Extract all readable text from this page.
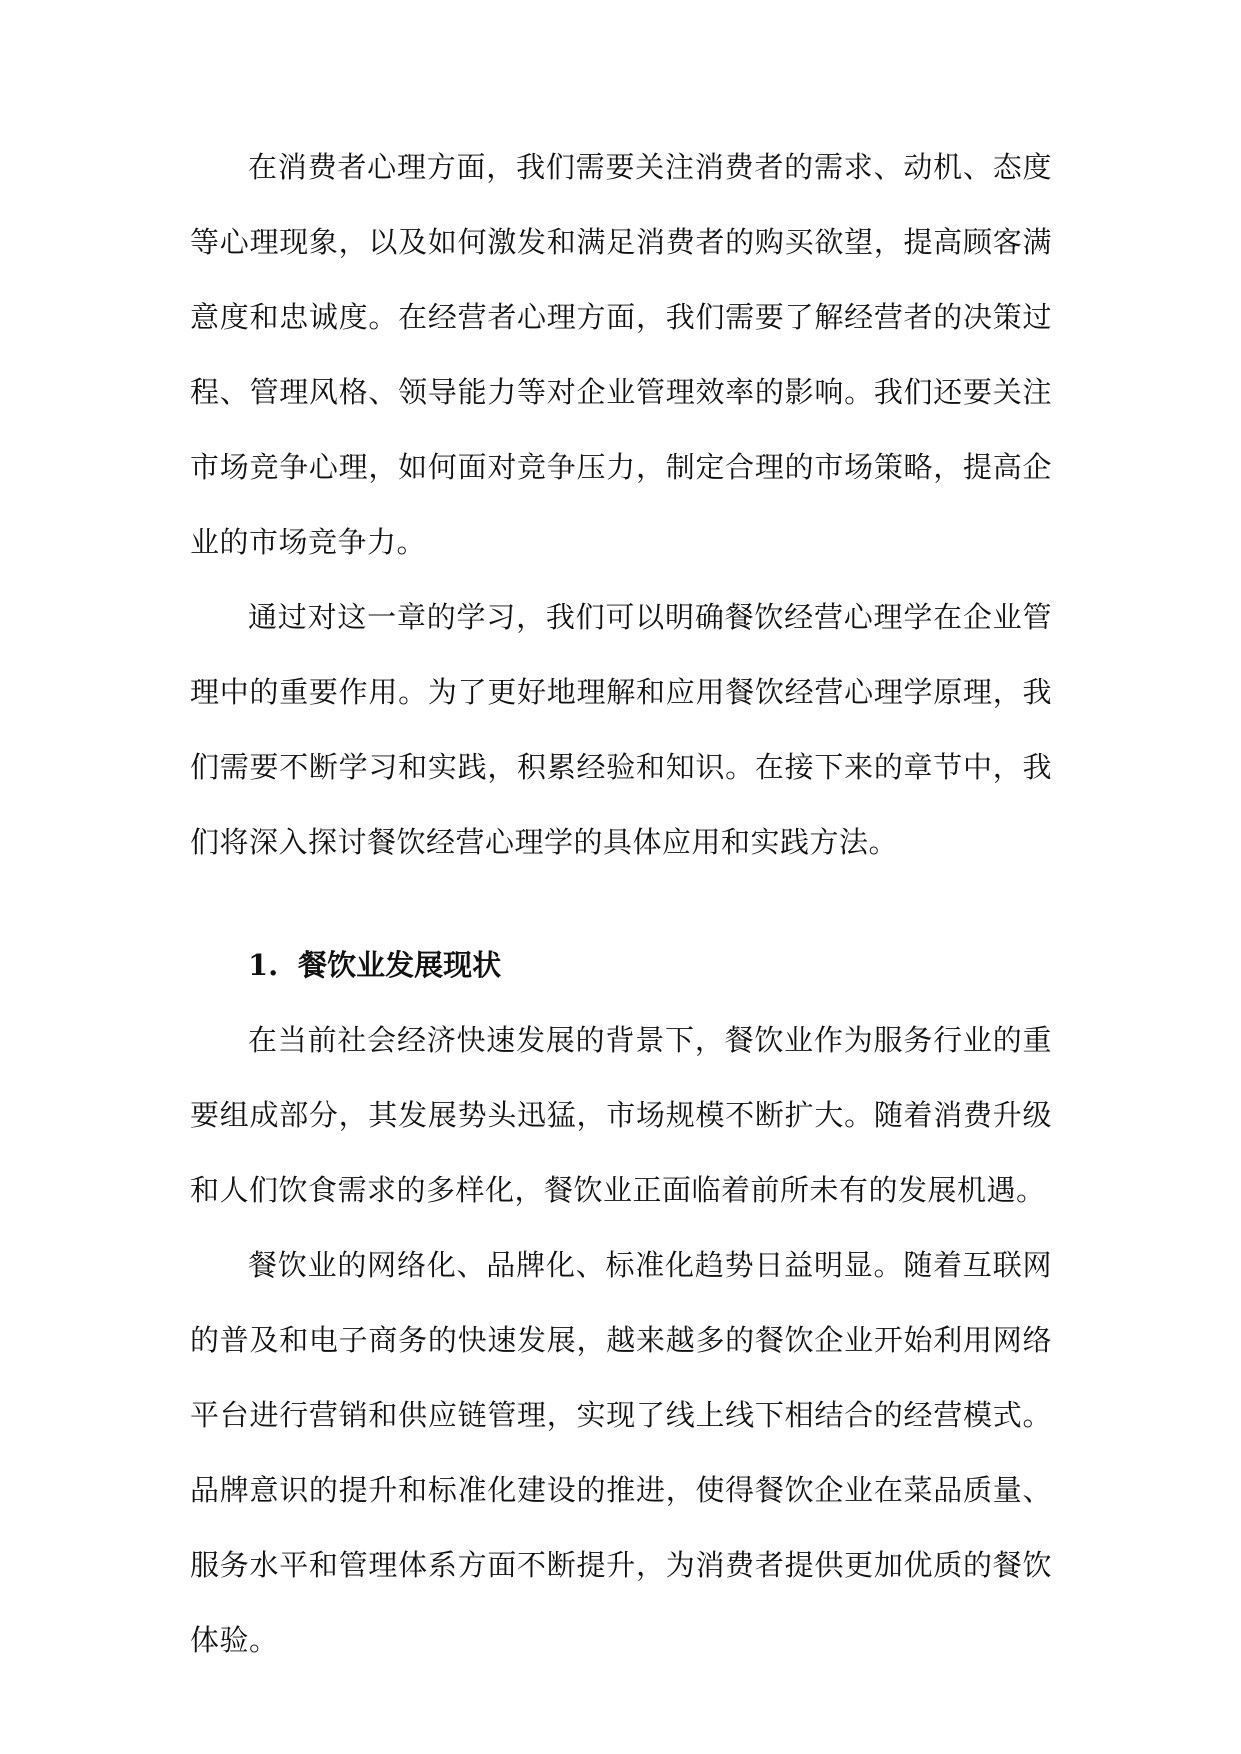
在消费者心理方面，我们需要关注消费者的需求、动机、态度等心理现象，以及如何激发和满足消费者的购买欲望，提高顾客满意度和忠诚度。在经营者心理方面，我们需要了解经营者的决策过程、管理风格、领导能力等对企业管理效率的影响。我们还要关注市场竞争心理，如何面对竞争压力，制定合理的市场策略，提高企业的市场竞争力。

通过对这一章的学习，我们可以明确餐饮经营心理学在企业管理中的重要作用。为了更好地理解和应用餐饮经营心理学原理，我们需要不断学习和实践，积累经验和知识。在接下来的章节中，我们将深入探讨餐饮经营心理学的具体应用和实践方法。

1. 餐饮业发展现状

在当前社会经济快速发展的背景下，餐饮业作为服务行业的重要组成部分，其发展势头迅猛，市场规模不断扩大。随着消费升级和人们饮食需求的多样化，餐饮业正面临着前所未有的发展机遇。

餐饮业的网络化、品牌化、标准化趋势日益明显。随着互联网的普及和电子商务的快速发展，越来越多的餐饮企业开始利用网络平台进行营销和供应链管理，实现了线上线下相结合的经营模式。品牌意识的提升和标准化建设的推进，使得餐饮企业在菜品质量、服务水平和管理体系方面不断提升，为消费者提供更加优质的餐饮体验。
